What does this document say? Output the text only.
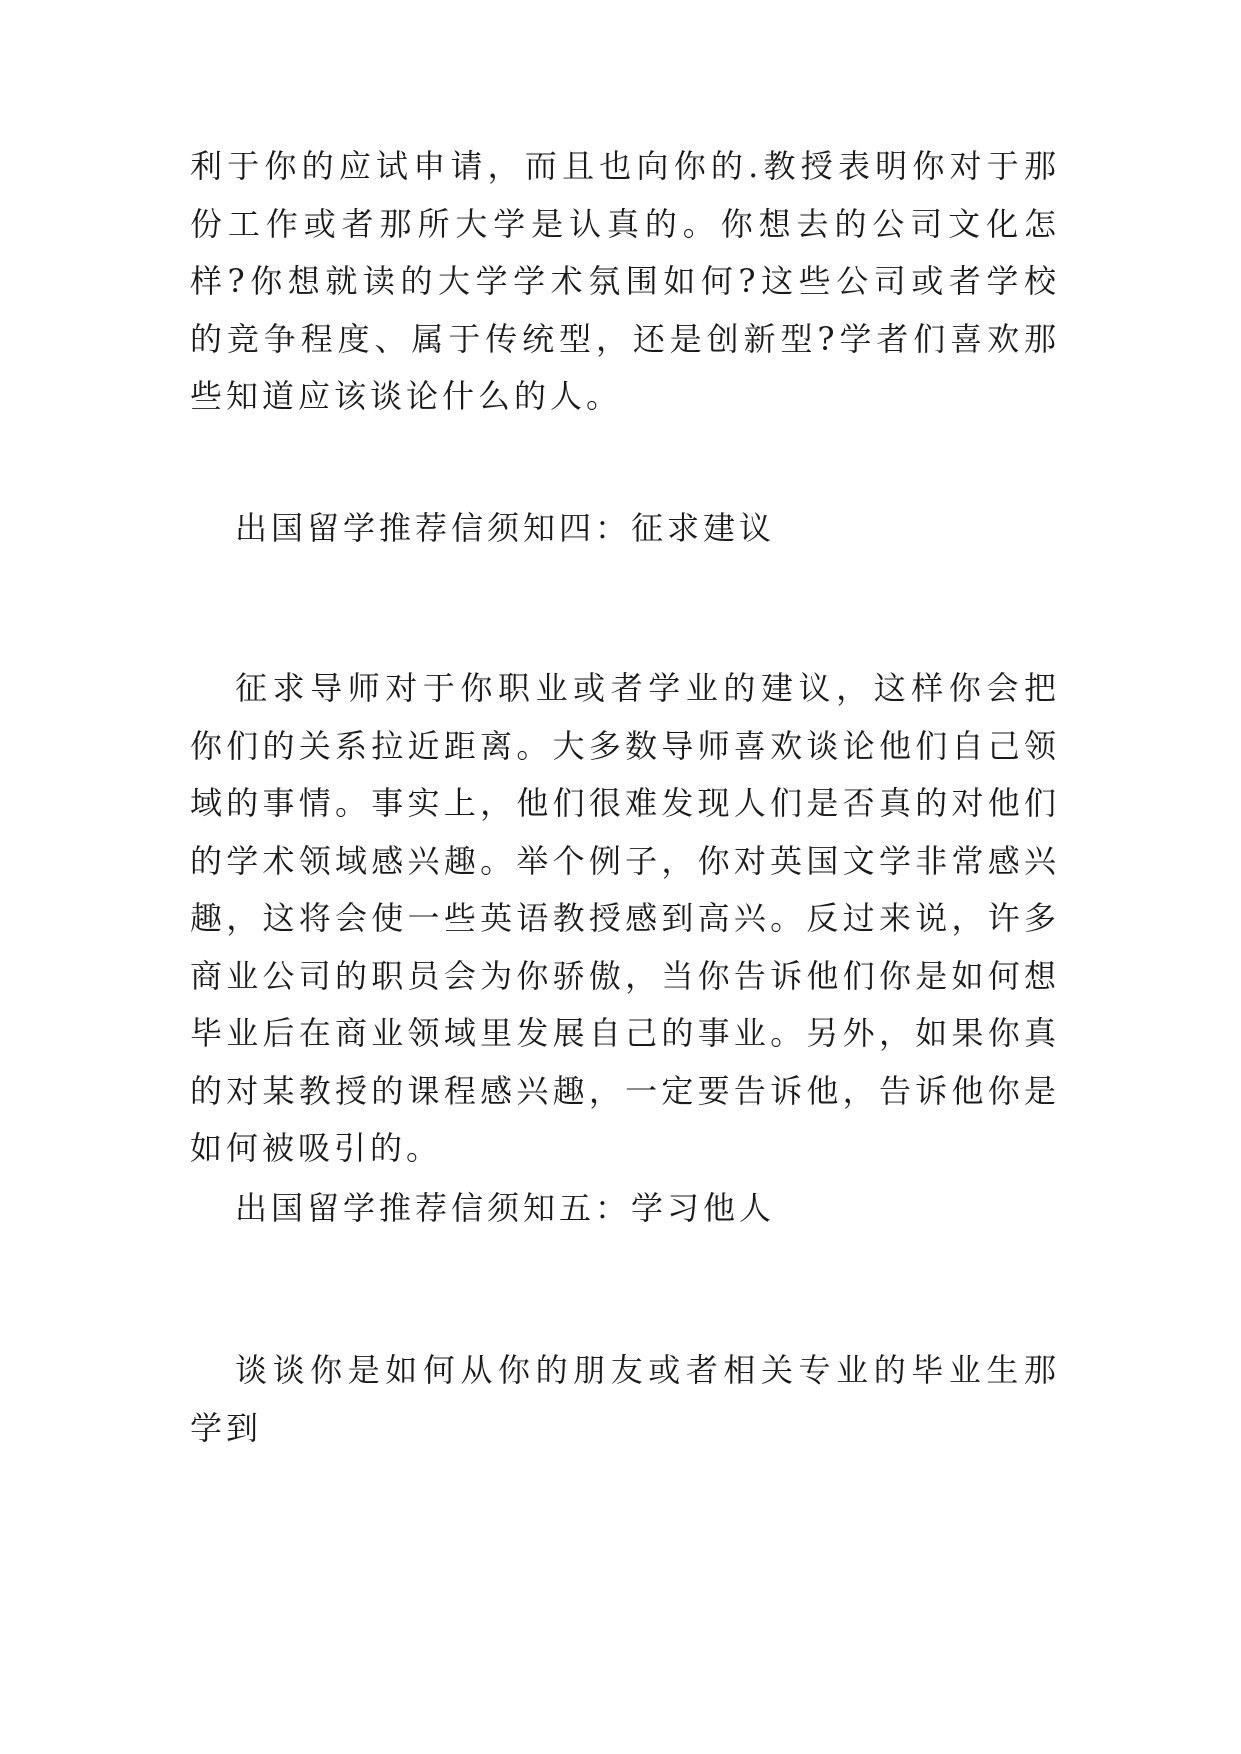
利于你的应试申请，而且也向你的.教授表明你对于那份工作或者那所大学是认真的。你想去的公司文化怎样?你想就读的大学学术氛围如何?这些公司或者学校的竞争程度、属于传统型，还是创新型?学者们喜欢那些知道应该谈论什么的人。

出国留学推荐信须知四：征求建议

征求导师对于你职业或者学业的建议，这样你会把你们的关系拉近距离。大多数导师喜欢谈论他们自己领域的事情。事实上，他们很难发现人们是否真的对他们的学术领域感兴趣。举个例子，你对英国文学非常感兴趣，这将会使一些英语教授感到高兴。反过来说，许多商业公司的职员会为你骄傲，当你告诉他们你是如何想毕业后在商业领域里发展自己的事业。另外，如果你真的对某教授的课程感兴趣，一定要告诉他，告诉他你是如何被吸引的。

出国留学推荐信须知五：学习他人

谈谈你是如何从你的朋友或者相关专业的毕业生那学到
